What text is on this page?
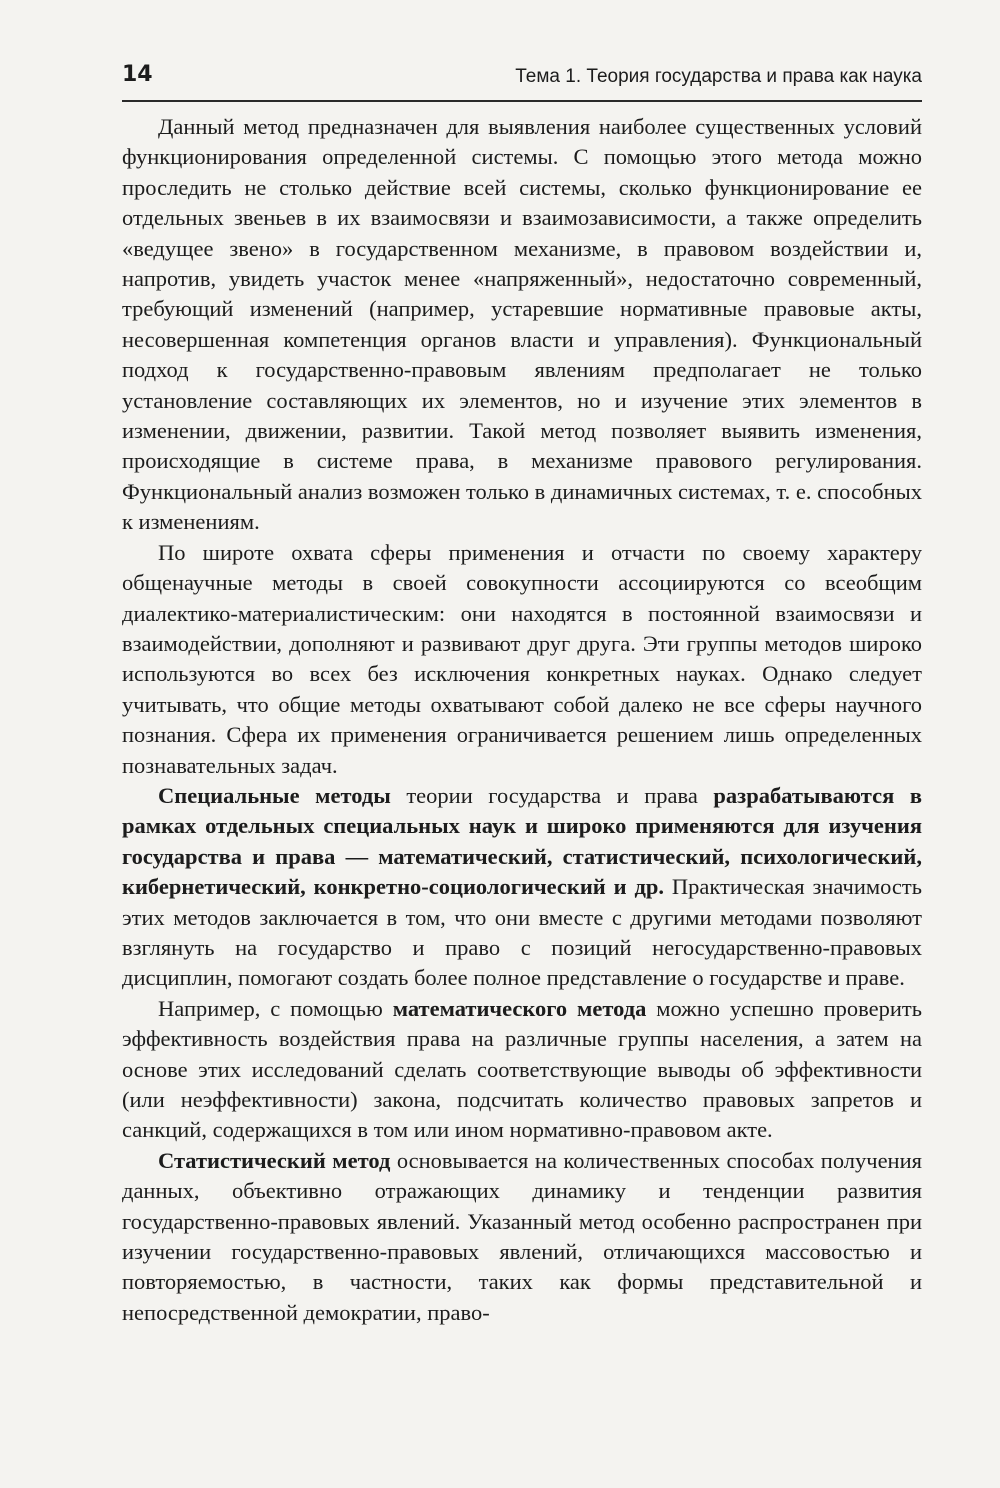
14	Тема 1. Теория государства и права как наука

Данный метод предназначен для выявления наиболее существенных условий функционирования определенной системы. С помощью этого метода можно проследить не столько действие всей системы, сколько функционирование ее отдельных звеньев в их взаимосвязи и взаимозависимости, а также определить «ведущее звено» в государственном механизме, в правовом воздействии и, напротив, увидеть участок менее «напряженный», недостаточно современный, требующий изменений (например, устаревшие нормативные правовые акты, несовершенная компетенция органов власти и управления). Функциональный подход к государственно-правовым явлениям предполагает не только установление составляющих их элементов, но и изучение этих элементов в изменении, движении, развитии. Такой метод позволяет выявить изменения, происходящие в системе права, в механизме правового регулирования. Функциональный анализ возможен только в динамичных системах, т. е. способных к изменениям.

По широте охвата сферы применения и отчасти по своему характеру общенаучные методы в своей совокупности ассоциируются со всеобщим диалектико-материалистическим: они находятся в постоянной взаимосвязи и взаимодействии, дополняют и развивают друг друга. Эти группы методов широко используются во всех без исключения конкретных науках. Однако следует учитывать, что общие методы охватывают собой далеко не все сферы научного познания. Сфера их применения ограничивается решением лишь определенных познавательных задач.

Специальные методы теории государства и права разрабатываются в рамках отдельных специальных наук и широко применяются для изучения государства и права — математический, статистический, психологический, кибернетический, конкретно-социологический и др. Практическая значимость этих методов заключается в том, что они вместе с другими методами позволяют взглянуть на государство и право с позиций негосударственно-правовых дисциплин, помогают создать более полное представление о государстве и праве.

Например, с помощью математического метода можно успешно проверить эффективность воздействия права на различные группы населения, а затем на основе этих исследований сделать соответствующие выводы об эффективности (или неэффективности) закона, подсчитать количество правовых запретов и санкций, содержащихся в том или ином нормативно-правовом акте.

Статистический метод основывается на количественных способах получения данных, объективно отражающих динамику и тенденции развития государственно-правовых явлений. Указанный метод особенно распространен при изучении государственно-правовых явлений, отличающихся массовостью и повторяемостью, в частности, таких как формы представительной и непосредственной демократии, право-
